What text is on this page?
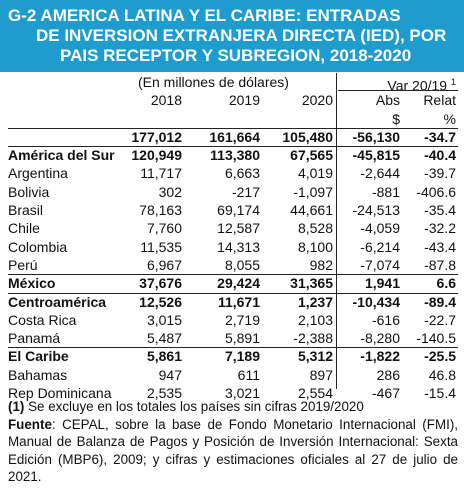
G-2 AMERICA LATINA Y EL CARIBE: ENTRADAS
DE INVERSION EXTRANJERA DIRECTA (IED), POR
PAIS RECEPTOR Y SUBREGION, 2018-2020
(En millones de dólares)	Var 20/19 $^1$
2018	2019	2020	Abs Relat
$	%
177,012 161,664 105,480 -56,130 -34.7
América del Sur 120,949 113,380 67,565 -45,815 -40.4
Argentina	11,717	6,663	4,019 -2,644 -39.7
Bolivia	302	-217 -1,097	-881 -406.6
Brasil	78,163	69,174 44,661 -24,513 -35.4
Chile	7,760	12,587	8,528 -4,059 -32.2
Colombia	11,535	14,313	8,100 -6,214 -43.4
Perú	6,967	8,055	982 -7,074 -87.8
México	37,676	29,424 31,365 1,941	6.6
Centroamérica 12,526	11,671	1,237 -10,434 -89.4
Costa Rica	3,015	2,719	2,103	-616 -22.7
Panamá	5,487	5,891 -2,388 -8,280 -140.5
El Caribe	5,861	7,189	5,312 -1,822 -25.5
Bahamas	947	611	897	286 46.8
Rep Dominicana	2,535	3,021	2,554	-467 -15.4

(1) Se excluye en los totales los países sin cifras 2019/2020

Fuente: CEPAL, sobre la base de Fondo Monetario Internacional (FMI), Manual de Balanza de Pagos y Posición de Inversión Internacional: Sexta Edición (MBP6), 2009; y cifras y estimaciones oficiales al 27 de julio de 2021.
